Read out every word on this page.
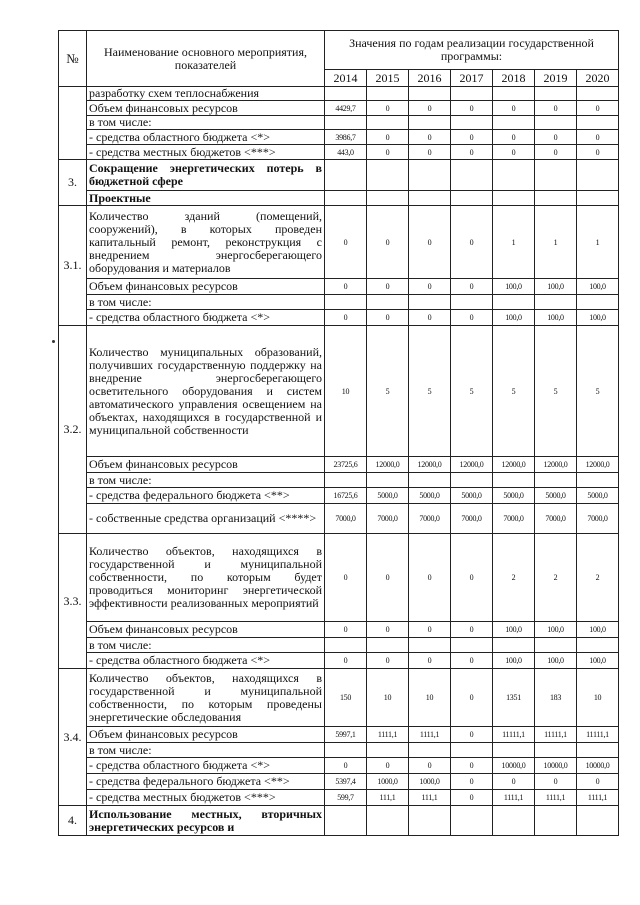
№	Наименование основного мероприятия, показателей	Значения по годам реализации государственной программы:						
		2014	2015	2016	2017	2018	2019	2020
	разработку схем теплоснабжения							
	Объем финансовых ресурсов	4429,7	0	0	0	0	0	0
	в том числе:							
	- средства областного бюджета <*>	3986,7	0	0	0	0	0	0
	- средства местных бюджетов <***>	443,0	0	0	0	0	0	0
3.	Сокращение энергетических потерь в бюджетной сфере							
	Проектные							
3.1.	Количество зданий (помещений, сооружений), в которых проведен капитальный ремонт, реконструкция с внедрением энергосберегающего оборудования и материалов	0	0	0	0	1	1	1
	Объем финансовых ресурсов	0	0	0	0	100,0	100,0	100,0
	в том числе:							
	- средства областного бюджета <*>	0	0	0	0	100,0	100,0	100,0
3.2.	Количество муниципальных образований, получивших государственную поддержку на внедрение энергосберегающего осветительного оборудования и систем автоматического управления освещением на объектах, находящихся в государственной и муниципальной собственности	10	5	5	5	5	5	5
	Объем финансовых ресурсов	23725,6	12000,0	12000,0	12000,0	12000,0	12000,0	12000,0
	в том числе:							
	- средства федерального бюджета <**>	16725,6	5000,0	5000,0	5000,0	5000,0	5000,0	5000,0
	- собственные средства организаций <****>	7000,0	7000,0	7000,0	7000,0	7000,0	7000,0	7000,0
3.3.	Количество объектов, находящихся в государственной и муниципальной собственности, по которым будет проводиться мониторинг энергетической эффективности реализованных мероприятий	0	0	0	0	2	2	2
	Объем финансовых ресурсов	0	0	0	0	100,0	100,0	100,0
	в том числе:							
	- средства областного бюджета <*>	0	0	0	0	100,0	100,0	100,0
3.4.	Количество объектов, находящихся в государственной и муниципальной собственности, по которым проведены энергетические обследования	150	10	10	0	1351	183	10
	Объем финансовых ресурсов	5997,1	1111,1	1111,1	0	11111,1	11111,1	11111,1
	в том числе:							
	- средства областного бюджета <*>	0	0	0	0	10000,0	10000,0	10000,0
	- средства федерального бюджета <**>	5397,4	1000,0	1000,0	0	0	0	0
	- средства местных бюджетов <***>	599,7	111,1	111,1	0	1111,1	1111,1	1111,1
4.	Использование местных, вторичных энергетических ресурсов и							
